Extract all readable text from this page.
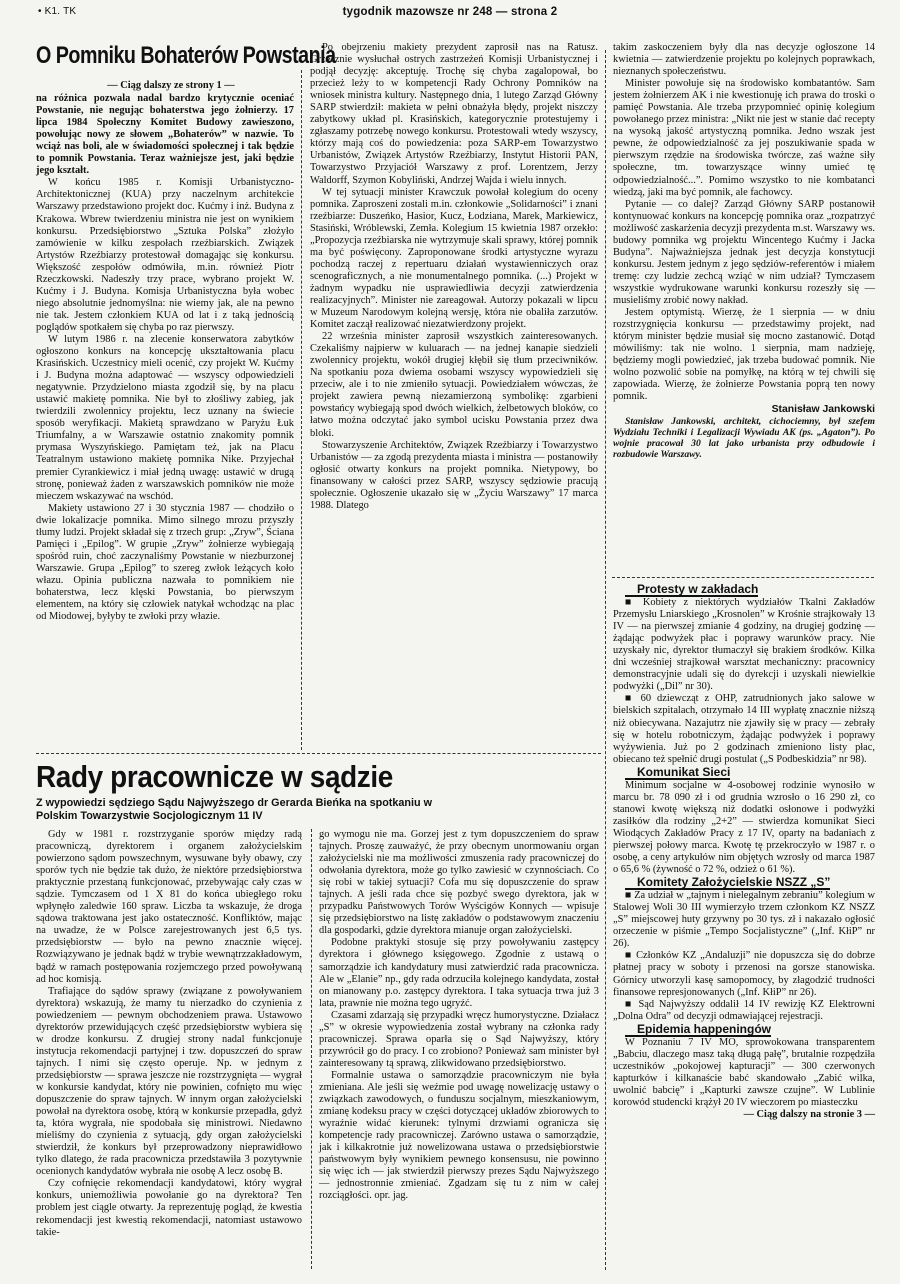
• K1. TK	tygodnik mazowsze nr 248 — strona 2
O Pomniku Bohaterów Powstania

— Ciąg dalszy ze strony 1 —

na różnica pozwala nadal bardzo krytycznie oceniać Powstanie, nie negując bohaterstwa jego żołnierzy. 17 lipca 1984 Społeczny Komitet Budowy zawieszono, powołując nowy ze słowem „Bohaterów” w nazwie. To wciąż nas boli, ale w świadomości społecznej i tak będzie to pomnik Powstania. Teraz ważniejsze jest, jaki będzie jego kształt.

W końcu 1985 r. Komisji Urbanistyczno-Architektonicznej (KUA) przy naczelnym architekcie Warszawy przedstawiono projekt doc. Kućmy i inż. Budyna z Krakowa. Wbrew twierdzeniu ministra nie jest on wynikiem konkursu. Przedsiębiorstwo „Sztuka Polska” złożyło zamówienie w kilku zespołach rzeźbiarskich. Związek Artystów Rzeźbiarzy protestował domagając się konkursu. Większość zespołów odmówiła, m.in. również Piotr Rzeczkowski. Nadeszły trzy prace, wybrano projekt W. Kućmy i J. Budyna. Komisja Urbanistyczna była wobec niego absolutnie jednomyślna: nie wiemy jak, ale na pewno nie tak. Jestem członkiem KUA od lat i z taką jednością poglądów spotkałem się chyba po raz pierwszy.

W lutym 1986 r. na zlecenie konserwatora zabytków ogłoszono konkurs na koncepcję ukształtowania placu Krasińskich. Uczestnicy mieli ocenić, czy projekt W. Kućmy i J. Budyna można adaptować — wszyscy odpowiedzieli negatywnie. Przydzielono miasta zgodził się, by na placu ustawić makietę pomnika. Nie był to złośliwy zabieg, jak twierdzili zwolennicy projektu, lecz uznany na świecie sposób weryfikacji. Makietą sprawdzano w Paryżu Łuk Triumfalny, a w Warszawie ostatnio znakomity pomnik prymasa Wyszyńskiego. Pamiętam też, jak na Placu Teatralnym ustawiono makietę pomnika Nike. Przyjechał premier Cyrankiewicz i miał jedną uwagę: ustawić w drugą stronę, ponieważ żaden z warszawskich pomników nie może mieczem wskazywać na wschód.

Makiety ustawiono 27 i 30 stycznia 1987 — chodziło o dwie lokalizacje pomnika. Mimo silnego mrozu przyszły tłumy ludzi. Projekt składał się z trzech grup: „Zryw”, Ściana Pamięci i „Epilog”. W grupie „Zryw” żołnierze wybiegają spośród ruin, choć zaczynaliśmy Powstanie w niezburzonej Warszawie. Grupa „Epilog” to szereg zwłok leżących koło włazu. Opinia publiczna nazwała to pomnikiem nie bohaterstwa, lecz klęski Powstania, bo pierwszym elementem, na który się człowiek natykał wchodząc na plac od Miodowej, byłyby te zwłoki przy włazie.

Po obejrzeniu makiety prezydent zaprosił nas na Ratusz. Grzecznie wysłuchał ostrych zastrzeżeń Komisji Urbanistycznej i podjął decyzję: akceptuję. Trochę się chyba zagalopował, bo przecież leży to w kompetencji Rady Ochrony Pomników na wniosek ministra kultury. Następnego dnia, 1 lutego Zarząd Główny SARP stwierdził: makieta w pełni obnażyła błędy, projekt niszczy zabytkowy układ pl. Krasińskich, kategorycznie protestujemy i zgłaszamy potrzebę nowego konkursu. Protestowali wtedy wszyscy, którzy mają coś do powiedzenia: poza SARP-em Towarzystwo Urbanistów, Związek Artystów Rzeźbiarzy, Instytut Historii PAN, Towarzystwo Przyjaciół Warszawy z prof. Lorentzem, Jerzy Waldorff, Szymon Kobyliński, Andrzej Wajda i wielu innych.

W tej sytuacji minister Krawczuk powołał kolegium do oceny pomnika. Zaproszeni zostali m.in. członkowie „Solidarności” i znani rzeźbiarze: Duszeńko, Hasior, Kucz, Łodziana, Marek, Markiewicz, Stasiński, Wróblewski, Zemła. Kolegium 15 kwietnia 1987 orzekło: „Propozycja rzeźbiarska nie wytrzymuje skali sprawy, której pomnik ma być poświęcony. Zaproponowane środki artystyczne wyrazu pochodzą raczej z repertuaru działań wystawienniczych oraz scenograficznych, a nie monumentalnego pomnika. (...) Projekt w żadnym wypadku nie usprawiedliwia decyzji zatwierdzenia realizacyjnych”. Minister nie zareagował. Autorzy pokazali w lipcu w Muzeum Narodowym kolejną wersję, która nie obaliła zarzutów. Komitet zaczął realizować niezatwierdzony projekt.

22 września minister zaprosił wszystkich zainteresowanych. Czekaliśmy najpierw w kuluarach — na jednej kanapie siedzieli zwolennicy projektu, wokół drugiej kłębił się tłum przeciwników. Na spotkaniu poza dwiema osobami wszyscy wypowiedzieli się przeciw, ale i to nie zmieniło sytuacji. Powiedziałem wówczas, że projekt zawiera pewną niezamierzoną symbolikę: zgarbieni powstańcy wybiegają spod dwóch wielkich, żelbetowych bloków, co łatwo można odczytać jako symbol ucisku Powstania przez dwa bloki.

Stowarzyszenie Architektów, Związek Rzeźbiarzy i Towarzystwo Urbanistów — za zgodą prezydenta miasta i ministra — postanowiły ogłosić otwarty konkurs na projekt pomnika. Nietypowy, bo finansowany w całości przez SARP, wszyscy sędziowie pracują społecznie. Ogłoszenie ukazało się w „Życiu Warszawy” 17 marca 1988. Dlatego

takim zaskoczeniem były dla nas decyzje ogłoszone 14 kwietnia — zatwierdzenie projektu po kolejnych poprawkach, nieznanych społeczeństwu.

Minister powołuje się na środowisko kombatantów. Sam jestem żołnierzem AK i nie kwestionuję ich prawa do troski o pamięć Powstania. Ale trzeba przypomnieć opinię kolegium powołanego przez ministra: „Nikt nie jest w stanie dać recepty na wysoką jakość artystyczną pomnika. Jedno wszak jest pewne, że odpowiedzialność za jej poszukiwanie spada w pierwszym rzędzie na środowiska twórcze, zaś ważne siły społeczne, tm. towarzyszące winny umieć tę odpowiedzialność...”. Pomimo wszystko to nie kombatanci wiedzą, jaki ma być pomnik, ale fachowcy.

Pytanie — co dalej? Zarząd Główny SARP postanowił kontynuować konkurs na koncepcję pomnika oraz „rozpatrzyć możliwość zaskarżenia decyzji prezydenta m.st. Warszawy ws. budowy pomnika wg projektu Wincentego Kućmy i Jacka Budyna”. Najważniejsza jednak jest decyzja konstytucji konkursu. Jestem jednym z jego sędziów-referentów i miałem tremę: czy ludzie zechcą wziąć w nim udział? Tymczasem wszystkie wydrukowane warunki konkursu rozeszły się — musieliśmy zrobić nowy nakład.

Jestem optymistą. Wierzę, że 1 sierpnia — w dniu rozstrzygnięcia konkursu — przedstawimy projekt, nad którym minister będzie musiał się mocno zastanowić. Dotąd mówiliśmy: tak nie wolno. 1 sierpnia, mam nadzieję, będziemy mogli powiedzieć, jak trzeba budować pomnik. Nie wolno pozwolić sobie na pomyłkę, na którą w tej chwili się zapowiada. Wierzę, że żołnierze Powstania poprą ten nowy pomnik.

Stanisław Jankowski

Stanisław Jankowski, architekt, cichociemny, był szefem Wydziału Techniki i Legalizacji Wywiadu AK (ps. „Agaton”). Po wojnie pracował 30 lat jako urbanista przy odbudowie i rozbudowie Warszawy.

Rady pracownicze w sądzie
Z wypowiedzi sędziego Sądu Najwyższego dr Gerarda Bieńka na spotkaniu w Polskim Towarzystwie Socjologicznym 11 IV

Gdy w 1981 r. rozstrzyganie sporów między radą pracowniczą, dyrektorem i organem założycielskim powierzono sądom powszechnym, wysuwane były obawy, czy sporów tych nie będzie tak dużo, że niektóre przedsiębiorstwa praktycznie przestaną funkcjonować, przebywając cały czas w sądzie. Tymczasem od 1 X 81 do końca ubiegłego roku wpłynęło zaledwie 160 spraw. Liczba ta wskazuje, że droga sądowa traktowana jest jako ostateczność. Konfliktów, mając na uwadze, że w Polsce zarejestrowanych jest 6,5 tys. przedsiębiorstw — było na pewno znacznie więcej. Rozwiązywano je jednak bądź w trybie wewnątrzzakładowym, bądź w ramach postępowania rozjemczego przed powoływaną ad hoc komisją.

Trafiające do sądów sprawy (związane z powoływaniem dyrektora) wskazują, że mamy tu nierzadko do czynienia z powiedzeniem — pewnym obchodzeniem prawa. Ustawowo dyrektorów przewidujących część przedsiębiorstw wybiera się w drodze konkursu. Z drugiej strony nadal funkcjonuje instytucja rekomendacji partyjnej i tzw. dopuszczeń do spraw tajnych. I nimi się często operuje. Np. w jednym z przedsiębiorstw — sprawa jeszcze nie rozstrzygnięta — wygrał w konkursie kandydat, który nie powinien, cofnięto mu więc dopuszczenie do spraw tajnych. W innym organ założycielski powołał na dyrektora osobę, którą w konkursie przepadła, gdyż ta, która wygrała, nie spodobała się ministrowi. Niedawno mieliśmy do czynienia z sytuacją, gdy organ założycielski stwierdził, że konkurs był przeprowadzony nieprawidłowo tylko dlatego, że rada pracownicza przedstawiła 3 pozytywnie ocenionych kandydatów wybrała nie osobę A lecz osobę B.

Czy cofnięcie rekomendacji kandydatowi, który wygrał konkurs, uniemożliwia powołanie go na dyrektora? Ten problem jest ciągle otwarty. Ja reprezentuję pogląd, że kwestia rekomendacji jest kwestią rekomendacji, natomiast ustawowo takie-

go wymogu nie ma. Gorzej jest z tym dopuszczeniem do spraw tajnych. Proszę zauważyć, że przy obecnym unormowaniu organ założycielski nie ma możliwości zmuszenia rady pracowniczej do odwołania dyrektora, może go tylko zawiesić w czynnościach. Co się robi w takiej sytuacji? Cofa mu się dopuszczenie do spraw tajnych. A jeśli rada chce się pozbyć swego dyrektora, jak w przypadku Państwowych Torów Wyścigów Konnych — wpisuje się przedsiębiorstwo na listę zakładów o podstawowym znaczeniu dla gospodarki, gdzie dyrektora mianuje organ założycielski.

Podobne praktyki stosuje się przy powoływaniu zastępcy dyrektora i głównego księgowego. Zgodnie z ustawą o samorządzie ich kandydatury musi zatwierdzić rada pracownicza. Ale w „Elanie” np., gdy rada odrzuciła kolejnego kandydata, został on mianowany p.o. zastępcy dyrektora. I taka sytuacja trwa już 3 lata, prawnie nie można tego ugryźć.

Czasami zdarzają się przypadki wręcz humorystyczne. Działacz „S” w okresie wypowiedzenia został wybrany na członka rady pracowniczej. Sprawa oparła się o Sąd Najwyższy, który przywrócił go do pracy. I co zrobiono? Ponieważ sam minister był zainteresowany tą sprawą, zlikwidowano przedsiębiorstwo.

Formalnie ustawa o samorządzie pracowniczym nie była zmieniana. Ale jeśli się weźmie pod uwagę nowelizację ustawy o związkach zawodowych, o funduszu socjalnym, mieszkaniowym, zmianę kodeksu pracy w części dotyczącej układów zbiorowych to wyraźnie widać kierunek: tylnymi drzwiami ogranicza się kompetencje rady pracowniczej. Zarówno ustawa o samorządzie, jak i kilkakrotnie już nowelizowana ustawa o przedsiębiorstwie państwowym były wynikiem pewnego konsensusu, nie powinno się więc ich — jak stwierdził pierwszy prezes Sądu Najwyższego — jednostronnie zmieniać. Zgadzam się tu z nim w całej rozciągłości. opr. jag.

Protesty w zakładach

■ Kobiety z niektórych wydziałów Tkalni Zakładów Przemysłu Lniarskiego „Krosnolen” w Krośnie strajkowały 13 IV — na pierwszej zmianie 4 godziny, na drugiej godzinę — żądając podwyżek płac i poprawy warunków pracy. Nie uzyskały nic, dyrektor tłumaczył się brakiem środków. Kilka dni wcześniej strajkował warsztat mechaniczny: pracownicy demonstracyjnie udali się do dyrekcji i uzyskali niewielkie podwyżki („Dil” nr 30).

■ 60 dziewcząt z OHP, zatrudnionych jako salowe w bielskich szpitalach, otrzymało 14 III wypłatę znacznie niższą niż obiecywana. Nazajutrz nie zjawiły się w pracy — zebrały się w hotelu robotniczym, żądając podwyżek i poprawy wyżywienia. Już po 2 godzinach zmieniono listy płac, obiecano też spełnić drugi postulat („S Podbeskidzia” nr 98).

Komunikat Sieci

Minimum socjalne w 4-osobowej rodzinie wynosiło w marcu br. 78 090 zł i od grudnia wzrosło o 16 290 zł, co stanowi kwotę większą niż dodatki osłonowe i podwyżki zasiłków dla rodziny „2+2” — stwierdza komunikat Sieci Wiodących Zakładów Pracy z 17 IV, oparty na badaniach z pierwszej połowy marca. Kwotę tę przekroczyło w 1987 r. o osobę, a ceny artykułów nim objętych wzrosły od marca 1987 o 65,6 % (żywność o 72 %, odzież o 61 %).

Komitety Założycielskie NSZZ „S”

■ Za udział w „tajnym i nielegalnym zebraniu” kolegium w Stalowej Woli 30 III wymierzyło trzem członkom KZ NSZZ „S” miejscowej huty grzywny po 30 tys. zł i nakazało ogłosić orzeczenie w piśmie „Tempo Socjalistyczne” („Inf. KłiP” nr 26).

■ Członków KZ „Andaluzji” nie dopuszcza się do dobrze płatnej pracy w soboty i przenosi na gorsze stanowiska. Górnicy utworzyli kasę samopomocy, by złagodzić trudności finansowe represjonowanych („Inf. KłiP” nr 26).

■ Sąd Najwyższy oddalił 14 IV rewizję KZ Elektrowni „Dolna Odra” od decyzji odmawiającej rejestracji.

Epidemia happeningów

W Poznaniu 7 IV MO, sprowokowana transparentem „Babciu, dlaczego masz taką długą pałę”, brutalnie rozpędziła uczestników „pokojowej kapturacji” — 300 czerwonych kapturków i kilkanaście babć skandowało „Zabić wilka, uwolnić babcię” i „Kapturki zawsze czujne”. W Lublinie korowód studencki krążył 20 IV wieczorem po miasteczku

— Ciąg dalszy na stronie 3 —
